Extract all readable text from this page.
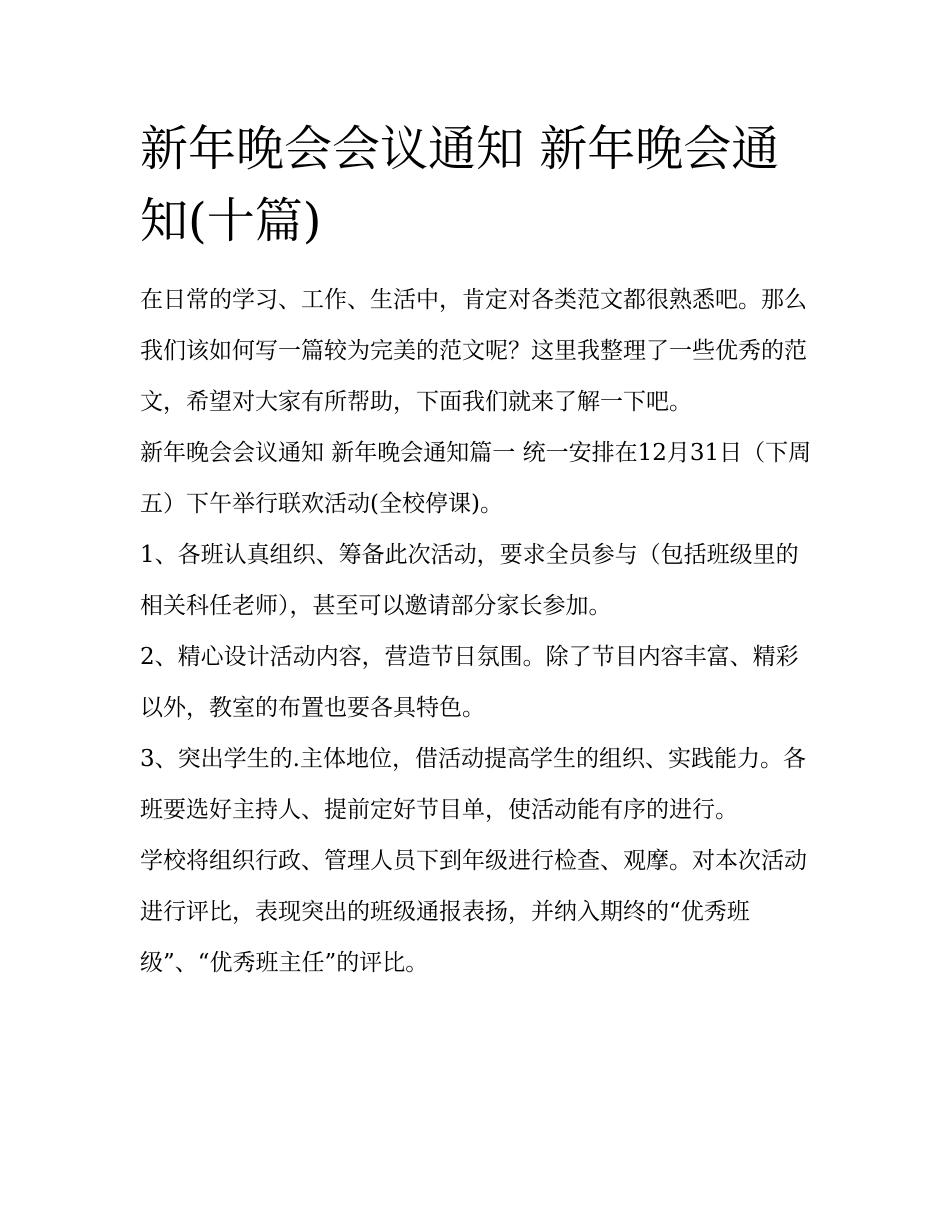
新年晚会会议通知 新年晚会通知(十篇)

在日常的学习、工作、生活中，肯定对各类范文都很熟悉吧。那么我们该如何写一篇较为完美的范文呢？这里我整理了一些优秀的范文，希望对大家有所帮助，下面我们就来了解一下吧。

新年晚会会议通知 新年晚会通知篇一 统一安排在12月31日（下周五）下午举行联欢活动(全校停课)。

1、各班认真组织、筹备此次活动，要求全员参与（包括班级里的相关科任老师），甚至可以邀请部分家长参加。

2、精心设计活动内容，营造节日氛围。除了节目内容丰富、精彩以外，教室的布置也要各具特色。

3、突出学生的.主体地位，借活动提高学生的组织、实践能力。各班要选好主持人、提前定好节目单，使活动能有序的进行。

学校将组织行政、管理人员下到年级进行检查、观摩。对本次活动进行评比，表现突出的班级通报表扬，并纳入期终的“优秀班级”、“优秀班主任”的评比。
